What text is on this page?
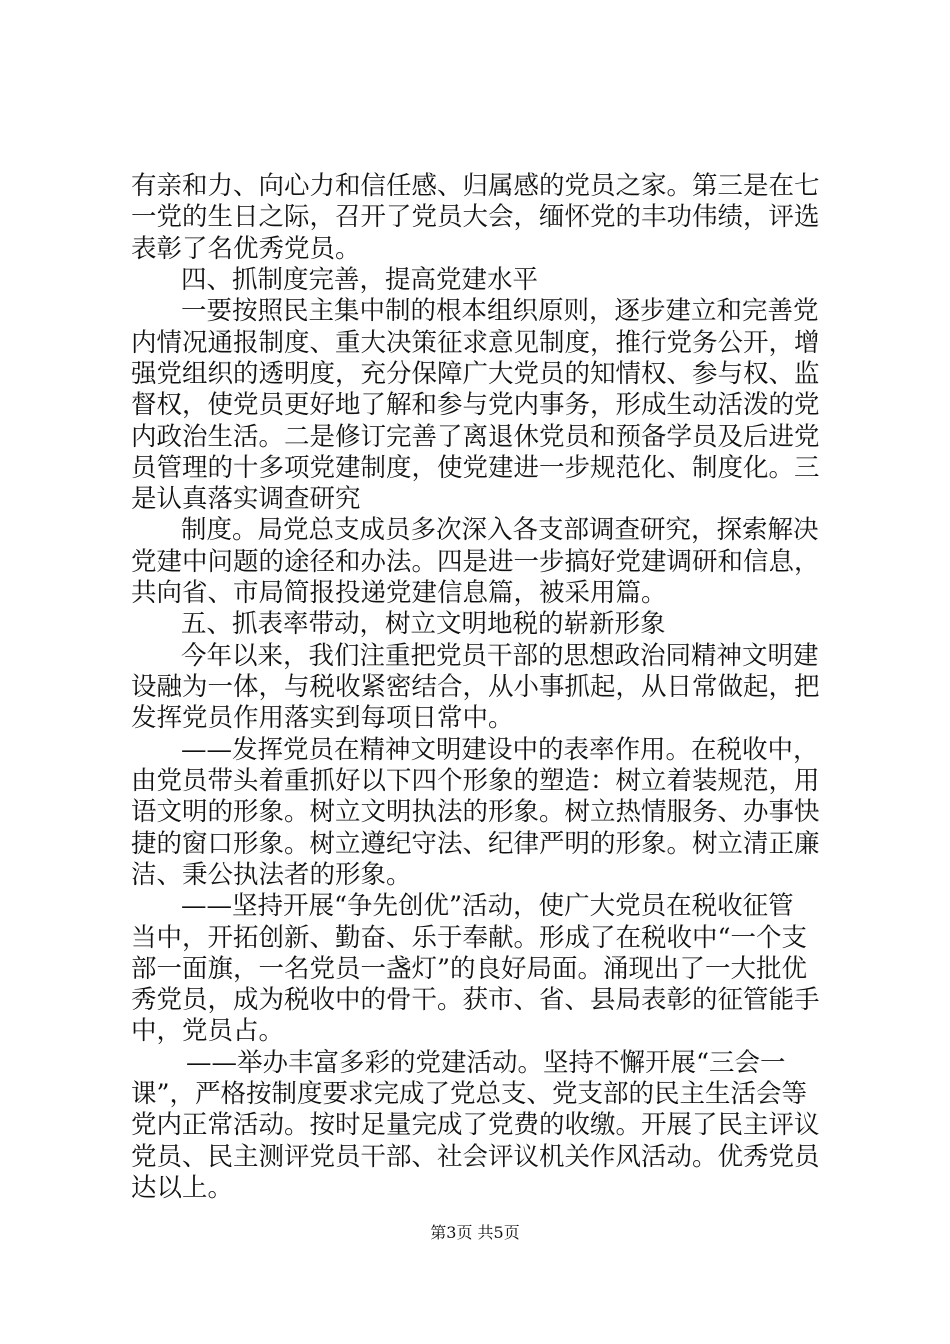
有亲和力、向心力和信任感、归属感的党员之家。第三是在七
一党的生日之际，召开了党员大会，缅怀党的丰功伟绩，评选
表彰了名优秀党员。
四、抓制度完善，提高党建水平
一要按照民主集中制的根本组织原则，逐步建立和完善党
内情况通报制度、重大决策征求意见制度，推行党务公开，增
强党组织的透明度，充分保障广大党员的知情权、参与权、监
督权，使党员更好地了解和参与党内事务，形成生动活泼的党
内政治生活。二是修订完善了离退休党员和预备学员及后进党
员管理的十多项党建制度，使党建进一步规范化、制度化。三
是认真落实调查研究
制度。局党总支成员多次深入各支部调查研究，探索解决
党建中问题的途径和办法。四是进一步搞好党建调研和信息，
共向省、市局简报投递党建信息篇，被采用篇。
五、抓表率带动，树立文明地税的崭新形象
今年以来，我们注重把党员干部的思想政治同精神文明建
设融为一体，与税收紧密结合，从小事抓起，从日常做起，把
发挥党员作用落实到每项日常中。
——发挥党员在精神文明建设中的表率作用。在税收中，
由党员带头着重抓好以下四个形象的塑造：树立着装规范，用
语文明的形象。树立文明执法的形象。树立热情服务、办事快
捷的窗口形象。树立遵纪守法、纪律严明的形象。树立清正廉
洁、秉公执法者的形象。
——坚持开展“争先创优”活动，使广大党员在税收征管
当中，开拓创新、勤奋、乐于奉献。形成了在税收中“一个支
部一面旗，一名党员一盏灯”的良好局面。涌现出了一大批优
秀党员，成为税收中的骨干。获市、省、县局表彰的征管能手
中，党员占。
——举办丰富多彩的党建活动。坚持不懈开展“三会一
课”，严格按制度要求完成了党总支、党支部的民主生活会等
党内正常活动。按时足量完成了党费的收缴。开展了民主评议
党员、民主测评党员干部、社会评议机关作风活动。优秀党员
达以上。
第3页 共5页
